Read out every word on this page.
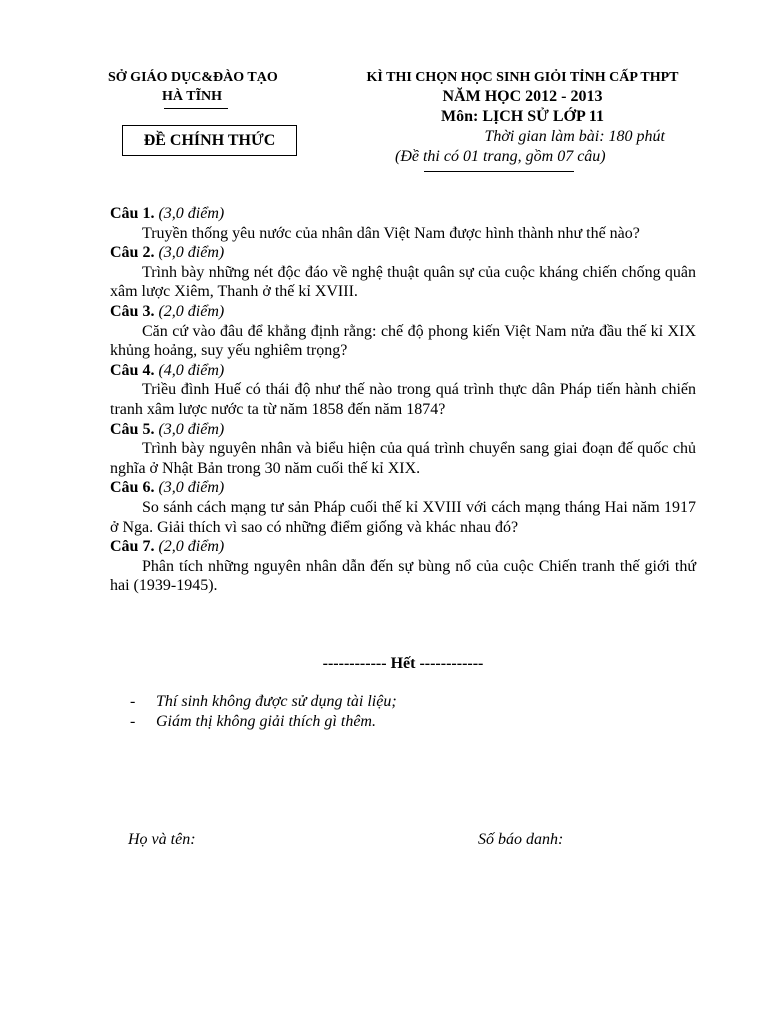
SỞ GIÁO DỤC&ĐÀO TẠO
HÀ TĨNH
ĐỀ CHÍNH THỨC
KÌ THI CHỌN HỌC SINH GIỎI TỈNH CẤP THPT
NĂM HỌC 2012 - 2013
Môn: LỊCH SỬ LỚP 11
Thời gian làm bài: 180 phút
(Đề thi có 01 trang, gồm 07 câu)
Câu 1. (3,0 điểm)
Truyền thống yêu nước của nhân dân Việt Nam được hình thành như thế nào?
Câu 2. (3,0 điểm)
Trình bày những nét độc đáo về nghệ thuật quân sự của cuộc kháng chiến chống quân xâm lược Xiêm, Thanh ở thế kỉ XVIII.
Câu 3. (2,0 điểm)
Căn cứ vào đâu để khẳng định rằng: chế độ phong kiến Việt Nam nửa đầu thế kỉ XIX khủng hoảng, suy yếu nghiêm trọng?
Câu 4. (4,0 điểm)
Triều đình Huế có thái độ như thế nào trong quá trình thực dân Pháp tiến hành chiến tranh xâm lược nước ta từ năm 1858 đến năm 1874?
Câu 5. (3,0 điểm)
Trình bày nguyên nhân và biểu hiện của quá trình chuyển sang giai đoạn đế quốc chủ nghĩa ở Nhật Bản trong 30 năm cuối thế kỉ XIX.
Câu 6. (3,0 điểm)
So sánh cách mạng tư sản Pháp cuối thế kỉ XVIII với cách mạng tháng Hai năm 1917 ở Nga. Giải thích vì sao có những điểm giống và khác nhau đó?
Câu 7. (2,0 điểm)
Phân tích những nguyên nhân dẫn đến sự bùng nổ của cuộc Chiến tranh thế giới thứ hai (1939-1945).
------------ Hết ------------
- Thí sinh không được sử dụng tài liệu;
- Giám thị không giải thích gì thêm.
Họ và tên:	Số báo danh:
